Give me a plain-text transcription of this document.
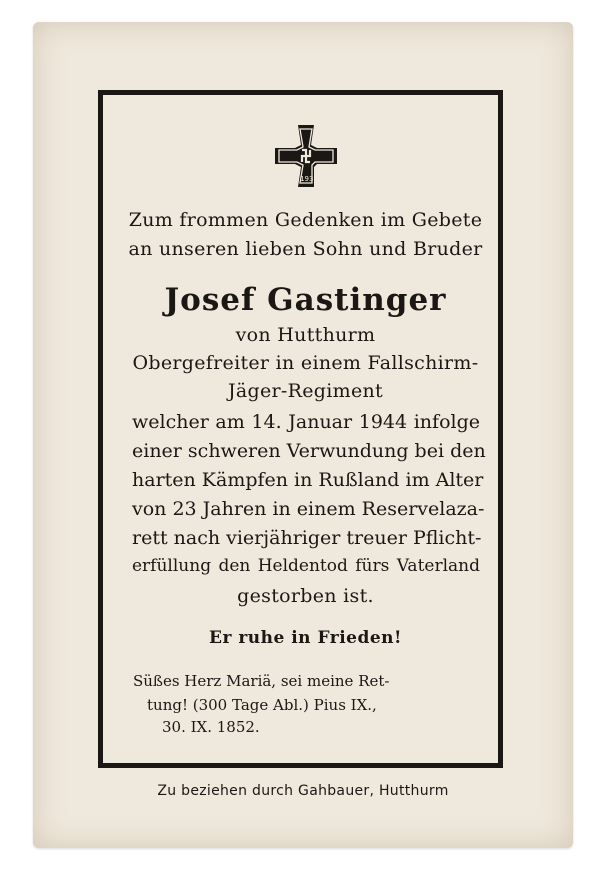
1939
Zum frommen Gedenken im Gebete
an unseren lieben Sohn und Bruder
Josef Gastinger
von Hutthurm
Obergefreiter in einem Fallschirm-
Jäger-Regiment
welcher am 14. Januar 1944 infolge
einer schweren Verwundung bei den
harten Kämpfen in Rußland im Alter
von 23 Jahren in einem Reservelaza-
rett nach vierjähriger treuer Pflicht-
erfüllung den Heldentod fürs Vaterland
gestorben ist.
Er ruhe in Frieden!
Süßes Herz Mariä, sei meine Ret-
tung! (300 Tage Abl.) Pius IX.,
30. IX. 1852.
Zu beziehen durch Gahbauer, Hutthurm
